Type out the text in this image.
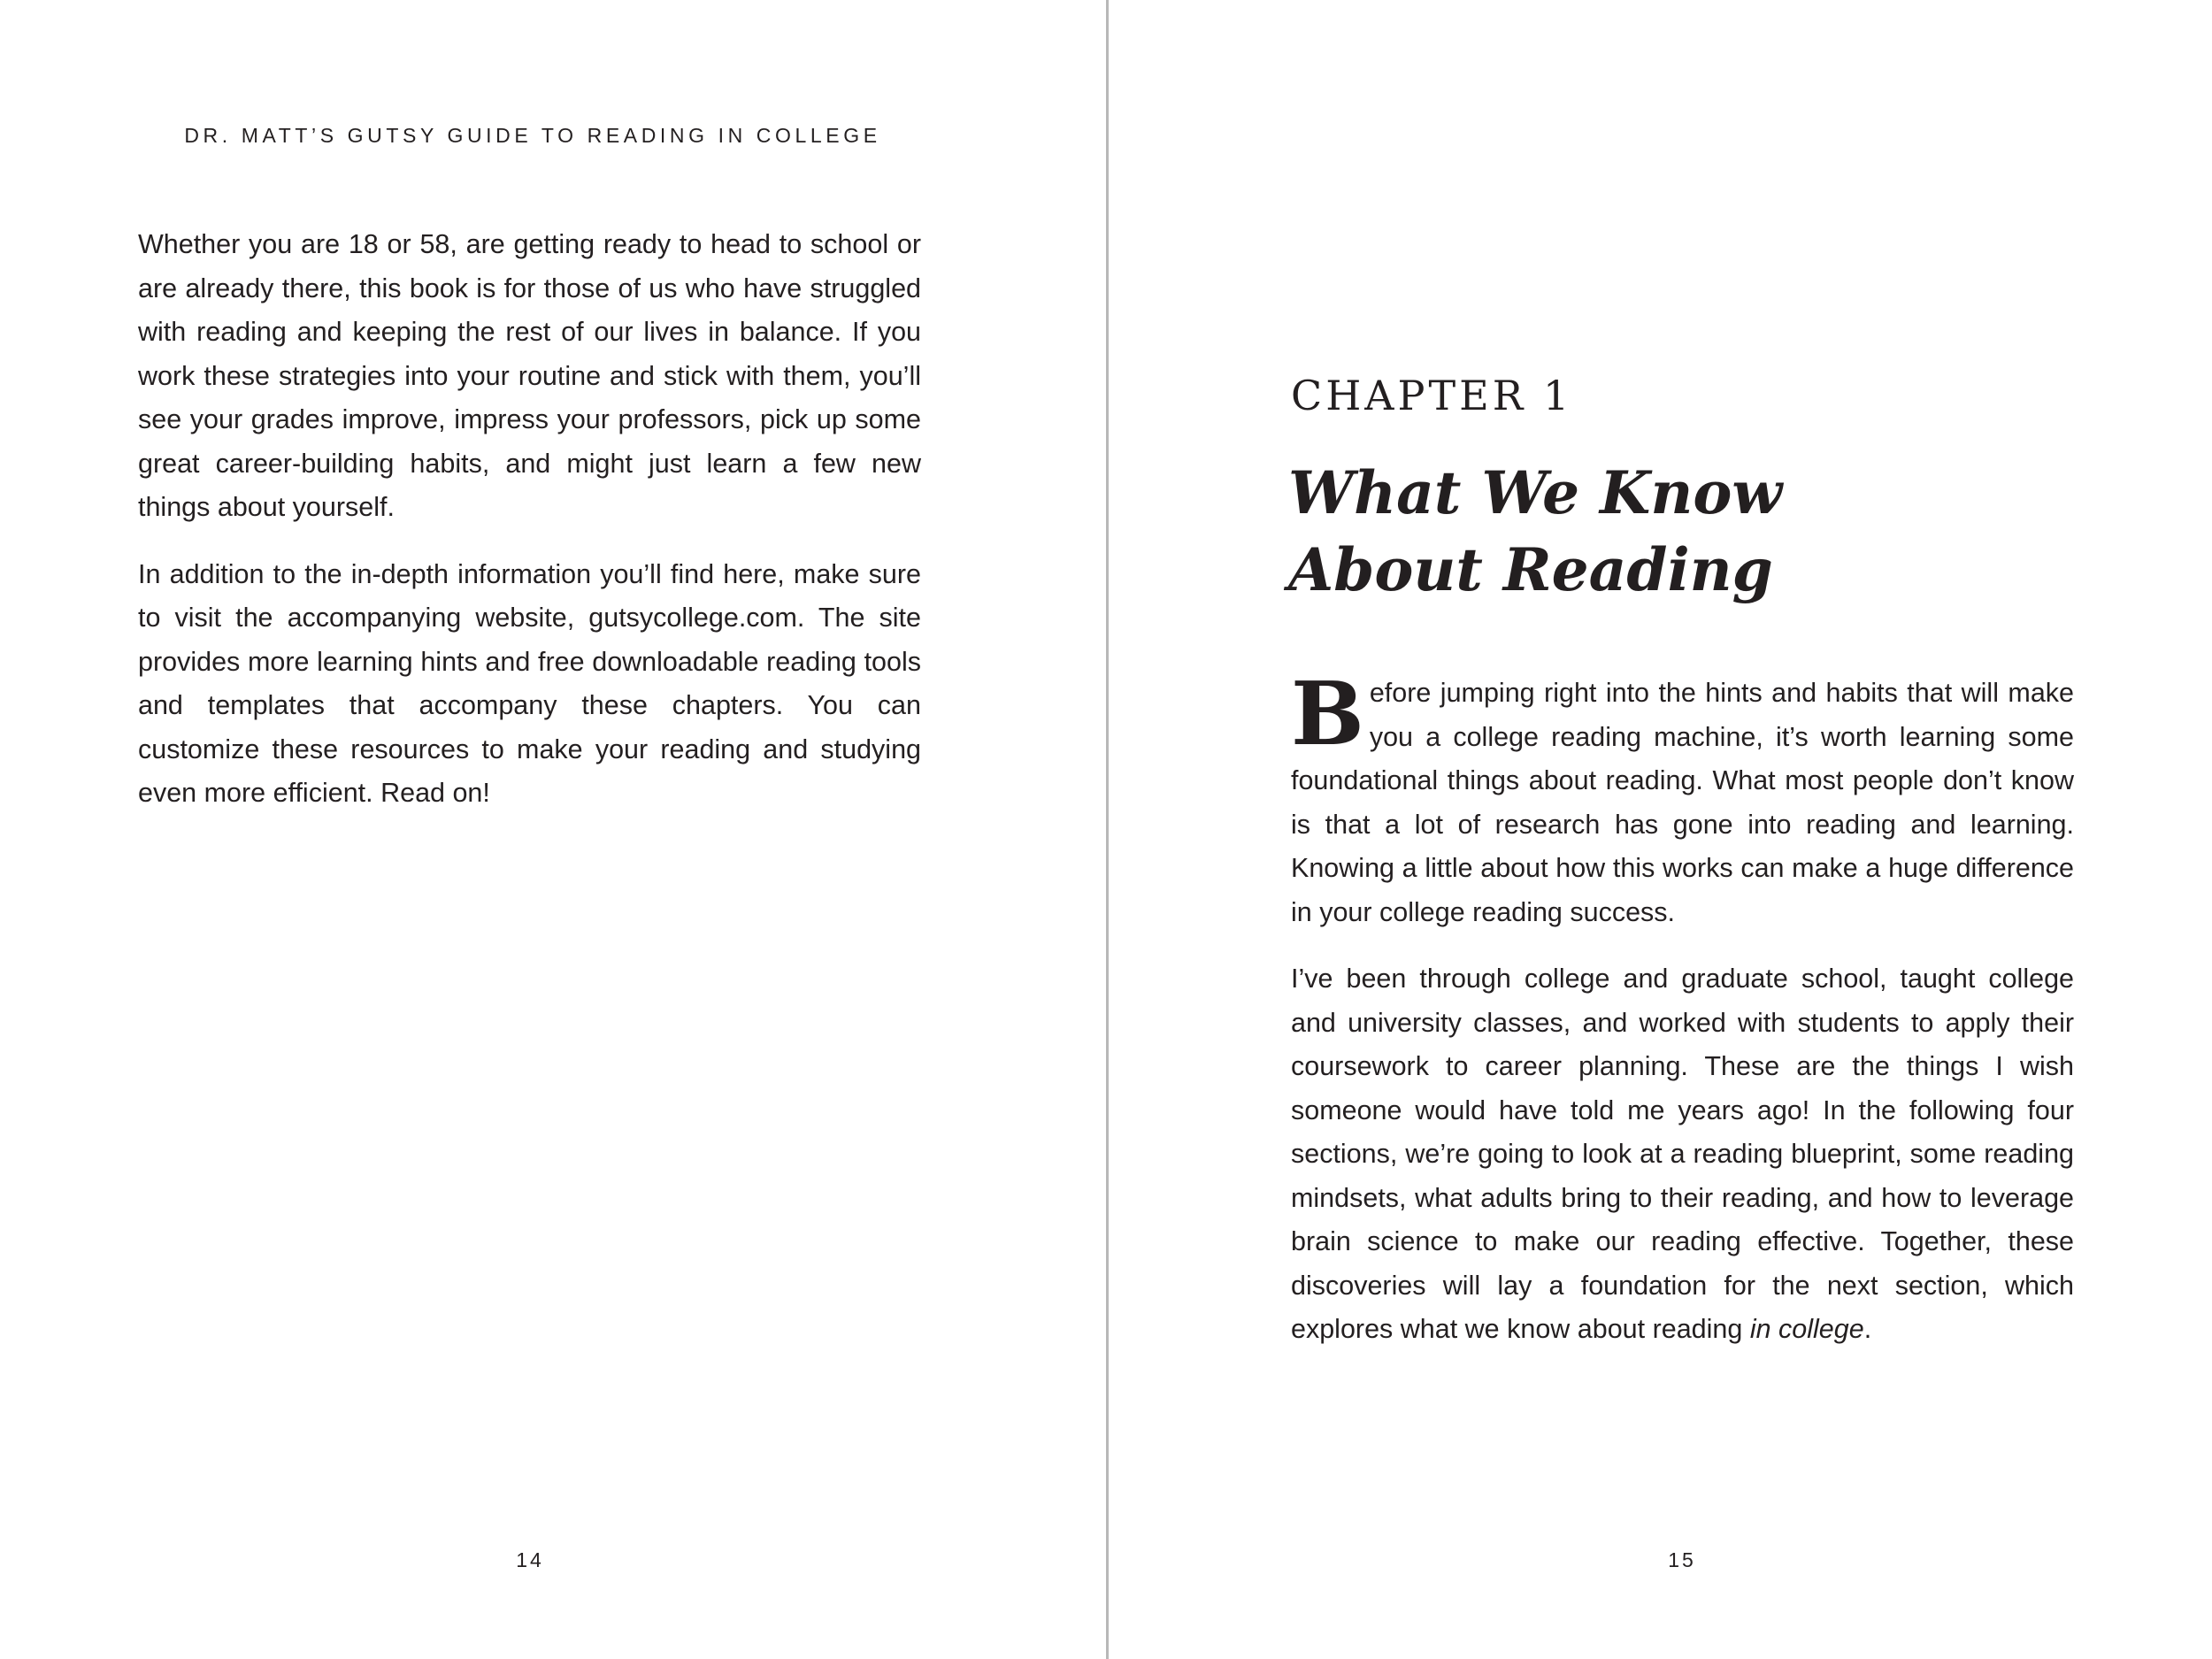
DR. MATT’S GUTSY GUIDE TO READING IN COLLEGE

Whether you are 18 or 58, are getting ready to head to school or are already there, this book is for those of us who have struggled with reading and keeping the rest of our lives in balance. If you work these strategies into your routine and stick with them, you’ll see your grades improve, impress your professors, pick up some great career-building habits, and might just learn a few new things about yourself.

In addition to the in-depth information you’ll find here, make sure to visit the accompanying website, gutsycollege.com. The site provides more learning hints and free downloadable reading tools and templates that accompany these chapters. You can customize these resources to make your reading and studying even more efficient. Read on!

14
CHAPTER 1
What We Know
About Reading

Before jumping right into the hints and habits that will make you a college reading machine, it’s worth learning some foundational things about reading. What most people don’t know is that a lot of research has gone into reading and learning. Knowing a little about how this works can make a huge difference in your college reading success.

I’ve been through college and graduate school, taught college and university classes, and worked with students to apply their coursework to career planning. These are the things I wish someone would have told me years ago! In the following four sections, we’re going to look at a reading blueprint, some reading mindsets, what adults bring to their reading, and how to leverage brain science to make our reading effective. Together, these discoveries will lay a foundation for the next section, which explores what we know about reading in college.

15
